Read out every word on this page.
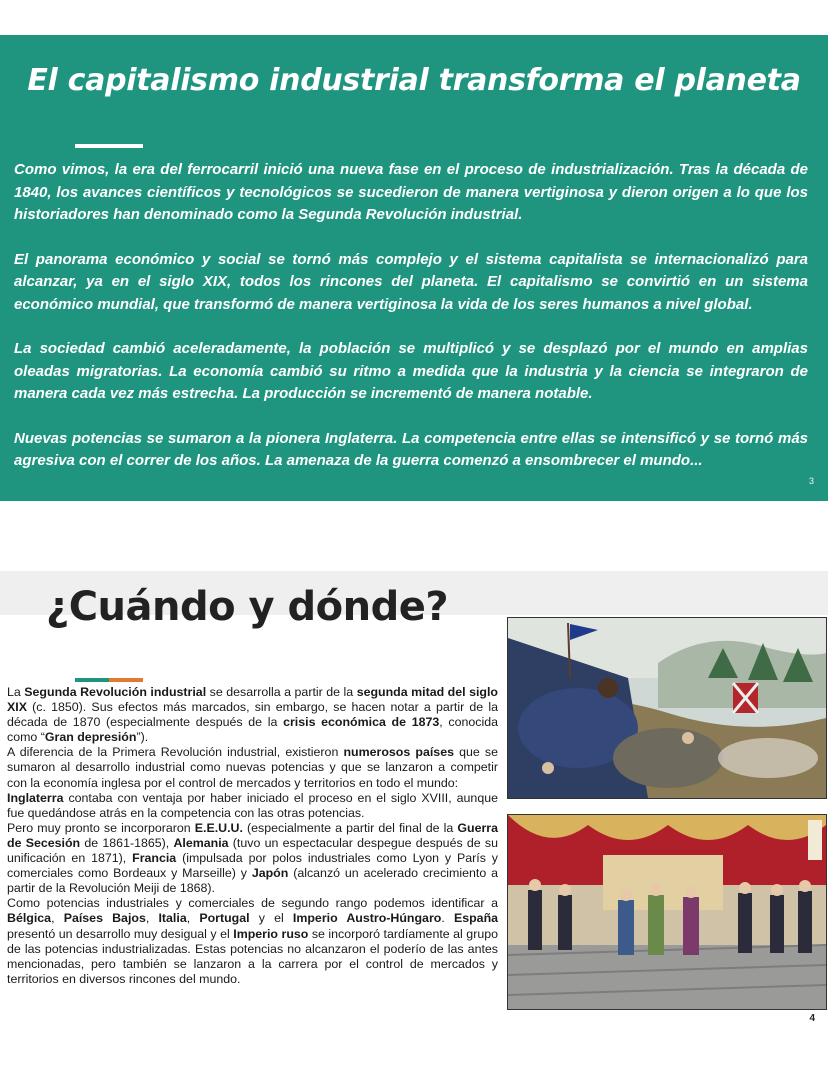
El capitalismo industrial transforma el planeta

Como vimos, la era del ferrocarril inició una nueva fase en el proceso de industrialización. Tras la década de 1840, los avances científicos y tecnológicos se sucedieron de manera vertiginosa y dieron origen a lo que los historiadores han denominado como la Segunda Revolución industrial.

El panorama económico y social se tornó más complejo y el sistema capitalista se internacionalizó para alcanzar, ya en el siglo XIX, todos los rincones del planeta. El capitalismo se convirtió en un sistema económico mundial, que transformó de manera vertiginosa la vida de los seres humanos a nivel global.

La sociedad cambió aceleradamente, la población se multiplicó y se desplazó por el mundo en amplias oleadas migratorias. La economía cambió su ritmo a medida que la industria y la ciencia se integraron de manera cada vez más estrecha. La producción se incrementó de manera notable.

Nuevas potencias se sumaron a la pionera Inglaterra. La competencia entre ellas se intensificó y se tornó más agresiva con el correr de los años. La amenaza de la guerra comenzó a ensombrecer el mundo...

3
¿Cuándo y dónde?

La Segunda Revolución industrial se desarrolla a partir de la segunda mitad del siglo XIX (c. 1850). Sus efectos más marcados, sin embargo, se hacen notar a partir de la década de 1870 (especialmente después de la crisis económica de 1873, conocida como “Gran depresión”).

A diferencia de la Primera Revolución industrial, existieron numerosos países que se sumaron al desarrollo industrial como nuevas potencias y que se lanzaron a competir con la economía inglesa por el control de mercados y territorios en todo el mundo:

Inglaterra contaba con ventaja por haber iniciado el proceso en el siglo XVIII, aunque fue quedándose atrás en la competencia con las otras potencias.

Pero muy pronto se incorporaron E.E.U.U. (especialmente a partir del final de la Guerra de Secesión de 1861-1865), Alemania (tuvo un espectacular despegue después de su unificación en 1871), Francia (impulsada por polos industriales como Lyon y París y comerciales como Bordeaux y Marseille) y Japón (alcanzó un acelerado crecimiento a partir de la Revolución Meiji de 1868).

Como potencias industriales y comerciales de segundo rango podemos identificar a Bélgica, Países Bajos, Italia, Portugal y el Imperio Austro-Húngaro. España presentó un desarrollo muy desigual y el Imperio ruso se incorporó tardíamente al grupo de las potencias industrializadas. Estas potencias no alcanzaron el poderío de las antes mencionadas, pero también se lanzaron a la carrera por el control de mercados y territorios en diversos rincones del mundo.

4
